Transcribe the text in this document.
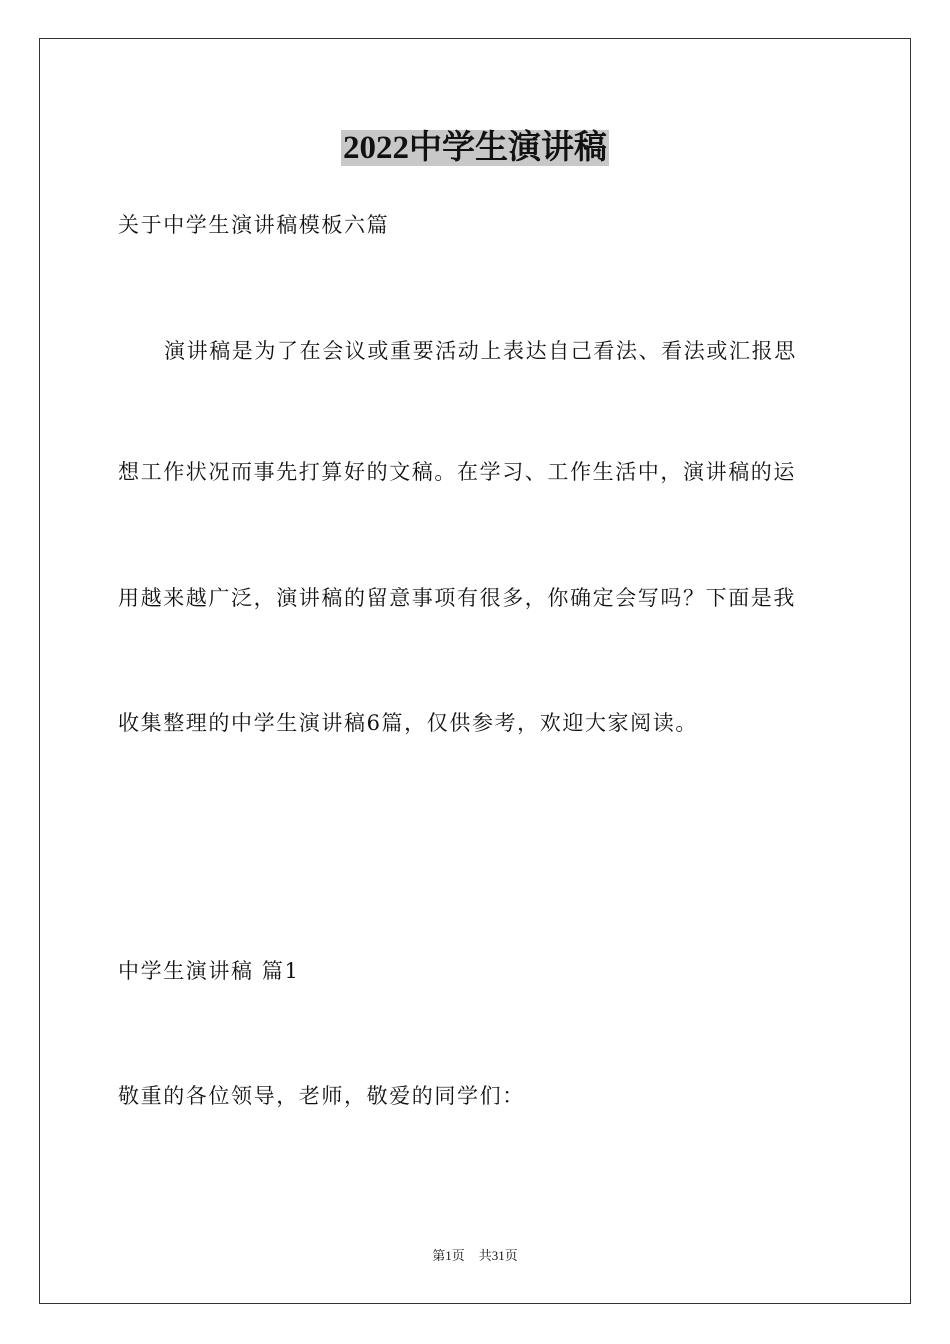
2022中学生演讲稿
关于中学生演讲稿模板六篇
演讲稿是为了在会议或重要活动上表达自己看法、看法或汇报思
想工作状况而事先打算好的文稿。在学习、工作生活中，演讲稿的运
用越来越广泛，演讲稿的留意事项有很多，你确定会写吗？下面是我
收集整理的中学生演讲稿6篇，仅供参考，欢迎大家阅读。
中学生演讲稿 篇1
敬重的各位领导，老师，敬爱的同学们：
第1页 共31页
